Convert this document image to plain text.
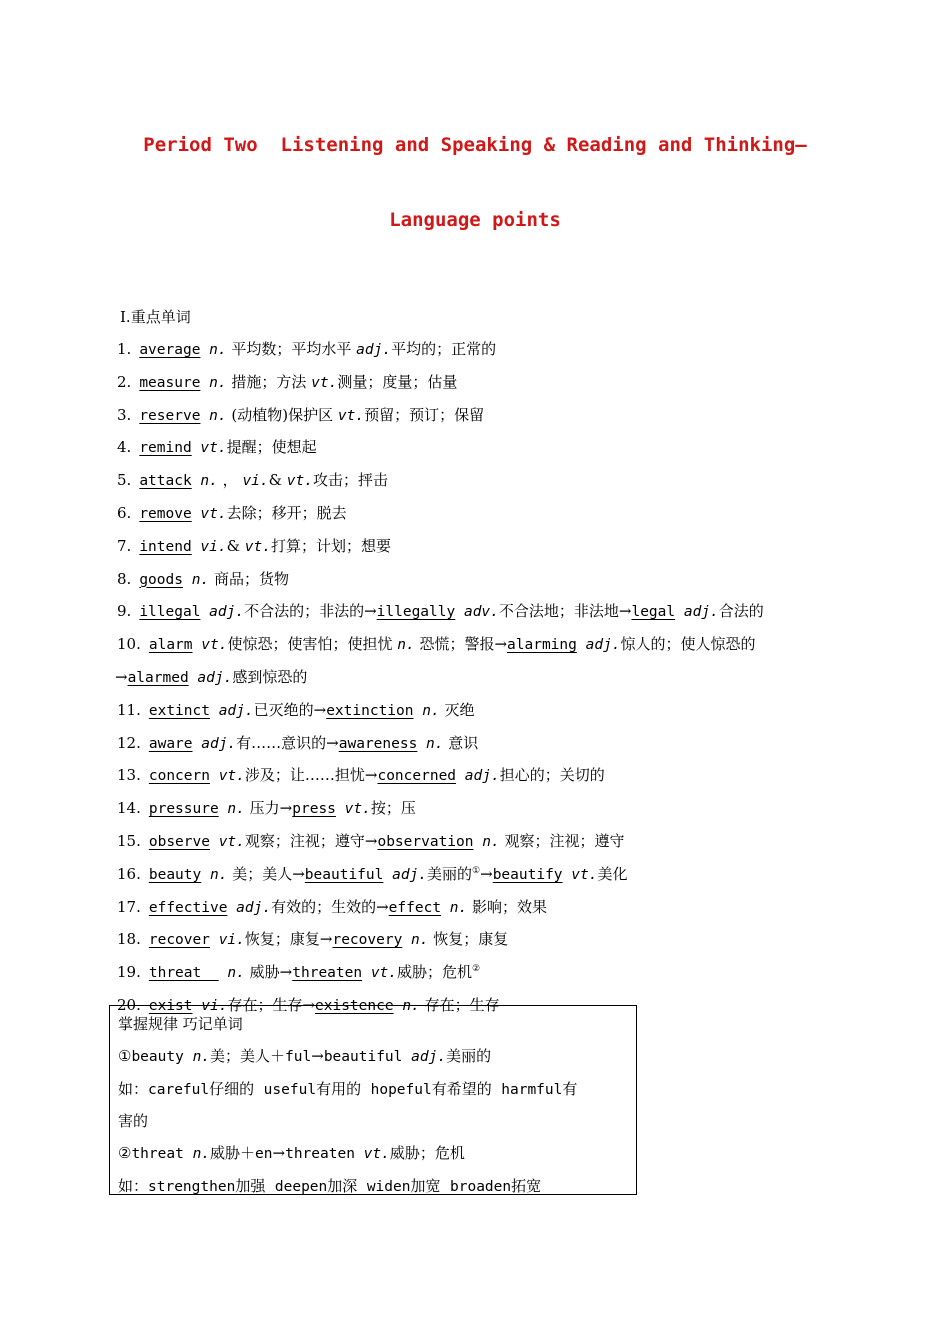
Period Two  Listening and Speaking & Reading and Thinking—
Language points
Ⅰ.重点单词
1. average n. 平均数；平均水平 adj.平均的；正常的
2. measure n. 措施；方法 vt.测量；度量；估量
3. reserve n. (动植物)保护区 vt.预留；预订；保留
4. remind vt.提醒；使想起
5. attack n. ， vi.& vt.攻击；抨击
6. remove vt.去除；移开；脱去
7. intend vi.& vt.打算；计划；想要
8. goods n. 商品；货物
9. illegal adj.不合法的；非法的→illegally adv.不合法地；非法地→legal adj.合法的
10. alarm vt.使惊恐；使害怕；使担忧 n. 恐慌；警报→alarming adj.惊人的；使人惊恐的
→alarmed adj.感到惊恐的
11. extinct adj.已灭绝的→extinction n. 灭绝
12. aware adj.有……意识的→awareness n. 意识
13. concern vt.涉及；让……担忧→concerned adj.担心的；关切的
14. pressure n. 压力→press vt.按；压
15. observe vt.观察；注视；遵守→observation n. 观察；注视；遵守
16. beauty n. 美；美人→beautiful adj.美丽的①→beautify vt.美化
17. effective adj.有效的；生效的→effect n. 影响；效果
18. recover vi.恢复；康复→recovery n. 恢复；康复
19. threat   n. 威胁→threaten vt.威胁；危机②
20. exist vi.存在；生存→existence n. 存在；生存
掌握规律 巧记单词
①beauty n.美；美人＋ful→beautiful adj.美丽的
如：careful仔细的  useful有用的  hopeful有希望的  harmful有
害的
②threat n.威胁＋en→threaten vt.威胁；危机
如：strengthen加强  deepen加深  widen加宽  broaden拓宽
